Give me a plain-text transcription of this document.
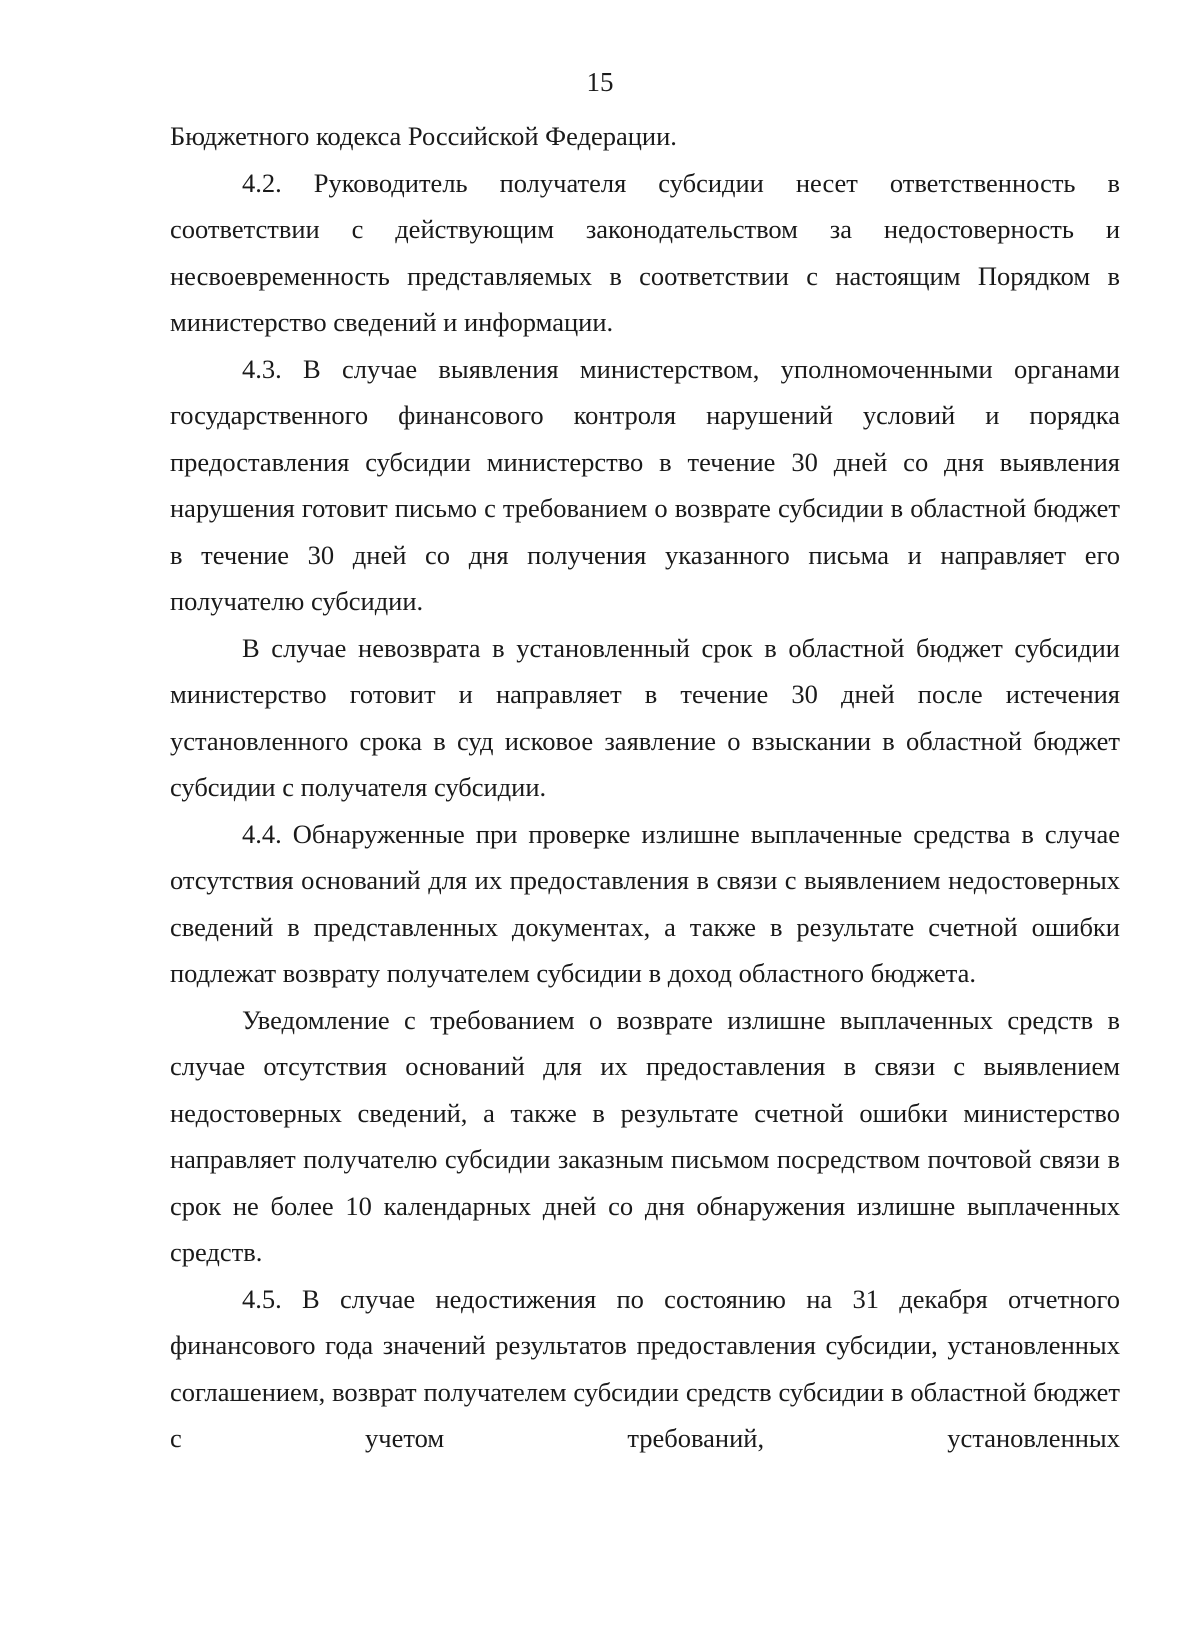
15

Бюджетного кодекса Российской Федерации.

4.2. Руководитель получателя субсидии несет ответственность в соответствии с действующим законодательством за недостоверность и несвоевременность представляемых в соответствии с настоящим Порядком в министерство сведений и информации.

4.3. В случае выявления министерством, уполномоченными органами государственного финансового контроля нарушений условий и порядка предоставления субсидии министерство в течение 30 дней со дня выявления нарушения готовит письмо с требованием о возврате субсидии в областной бюджет в течение 30 дней со дня получения указанного письма и направляет его получателю субсидии.

В случае невозврата в установленный срок в областной бюджет субсидии министерство готовит и направляет в течение 30 дней после истечения установленного срока в суд исковое заявление о взыскании в областной бюджет субсидии с получателя субсидии.

4.4. Обнаруженные при проверке излишне выплаченные средства в случае отсутствия оснований для их предоставления в связи с выявлением недостоверных сведений в представленных документах, а также в результате счетной ошибки подлежат возврату получателем субсидии в доход областного бюджета.

Уведомление с требованием о возврате излишне выплаченных средств в случае отсутствия оснований для их предоставления в связи с выявлением недостоверных сведений, а также в результате счетной ошибки министерство направляет получателю субсидии заказным письмом посредством почтовой связи в срок не более 10 календарных дней со дня обнаружения излишне выплаченных средств.

4.5. В случае недостижения по состоянию на 31 декабря отчетного финансового года значений результатов предоставления субсидии, установленных соглашением, возврат получателем субсидии средств субсидии в областной бюджет с учетом требований, установленных
